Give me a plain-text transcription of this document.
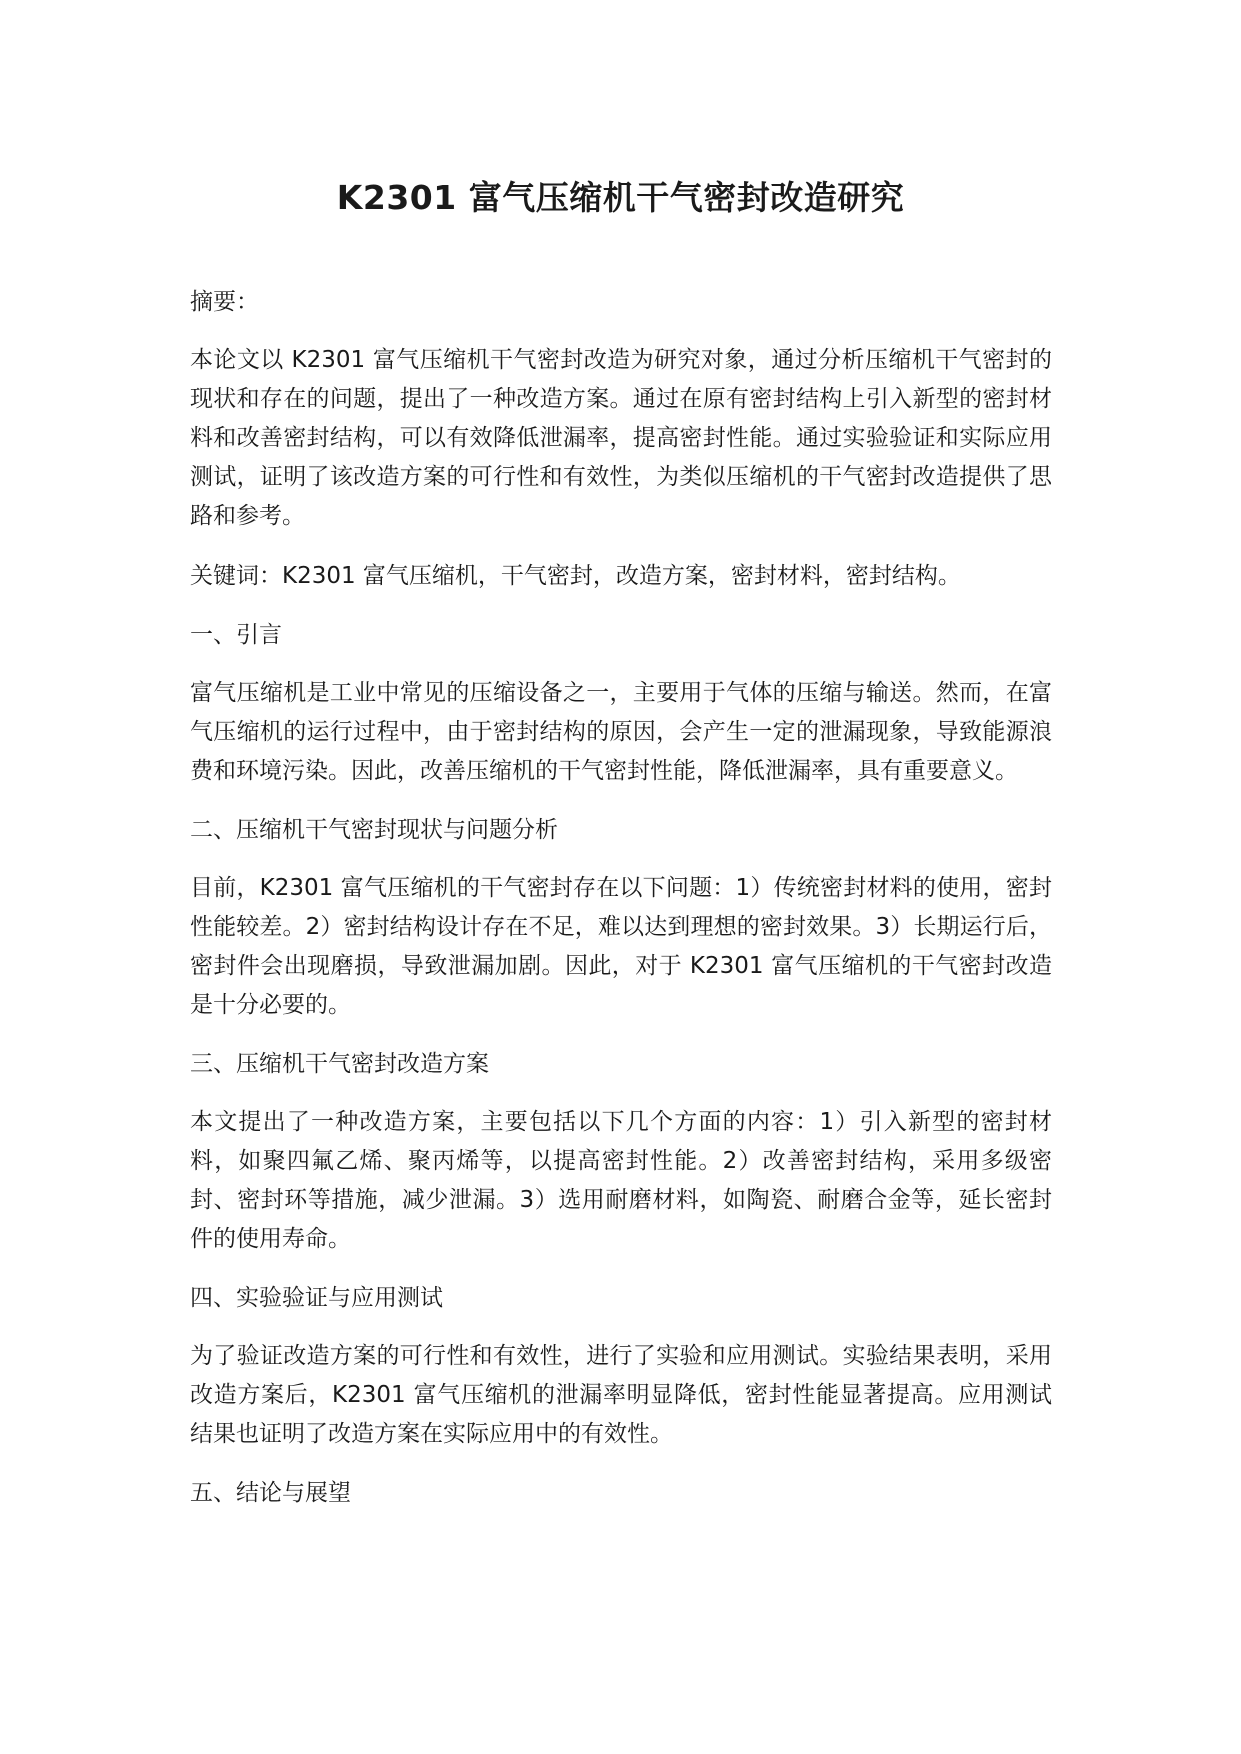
K2301 富气压缩机干气密封改造研究
摘要：
本论文以 K2301 富气压缩机干气密封改造为研究对象，通过分析压缩机干气密封的现状和存在的问题，提出了一种改造方案。通过在原有密封结构上引入新型的密封材料和改善密封结构，可以有效降低泄漏率，提高密封性能。通过实验验证和实际应用测试，证明了该改造方案的可行性和有效性，为类似压缩机的干气密封改造提供了思路和参考。
关键词：K2301 富气压缩机，干气密封，改造方案，密封材料，密封结构。
一、引言
富气压缩机是工业中常见的压缩设备之一，主要用于气体的压缩与输送。然而，在富气压缩机的运行过程中，由于密封结构的原因，会产生一定的泄漏现象，导致能源浪费和环境污染。因此，改善压缩机的干气密封性能，降低泄漏率，具有重要意义。
二、压缩机干气密封现状与问题分析
目前，K2301 富气压缩机的干气密封存在以下问题：1）传统密封材料的使用，密封性能较差。2）密封结构设计存在不足，难以达到理想的密封效果。3）长期运行后，密封件会出现磨损，导致泄漏加剧。因此，对于 K2301 富气压缩机的干气密封改造是十分必要的。
三、压缩机干气密封改造方案
本文提出了一种改造方案，主要包括以下几个方面的内容：1）引入新型的密封材料，如聚四氟乙烯、聚丙烯等，以提高密封性能。2）改善密封结构，采用多级密封、密封环等措施，减少泄漏。3）选用耐磨材料，如陶瓷、耐磨合金等，延长密封件的使用寿命。
四、实验验证与应用测试
为了验证改造方案的可行性和有效性，进行了实验和应用测试。实验结果表明，采用改造方案后，K2301 富气压缩机的泄漏率明显降低，密封性能显著提高。应用测试结果也证明了改造方案在实际应用中的有效性。
五、结论与展望
